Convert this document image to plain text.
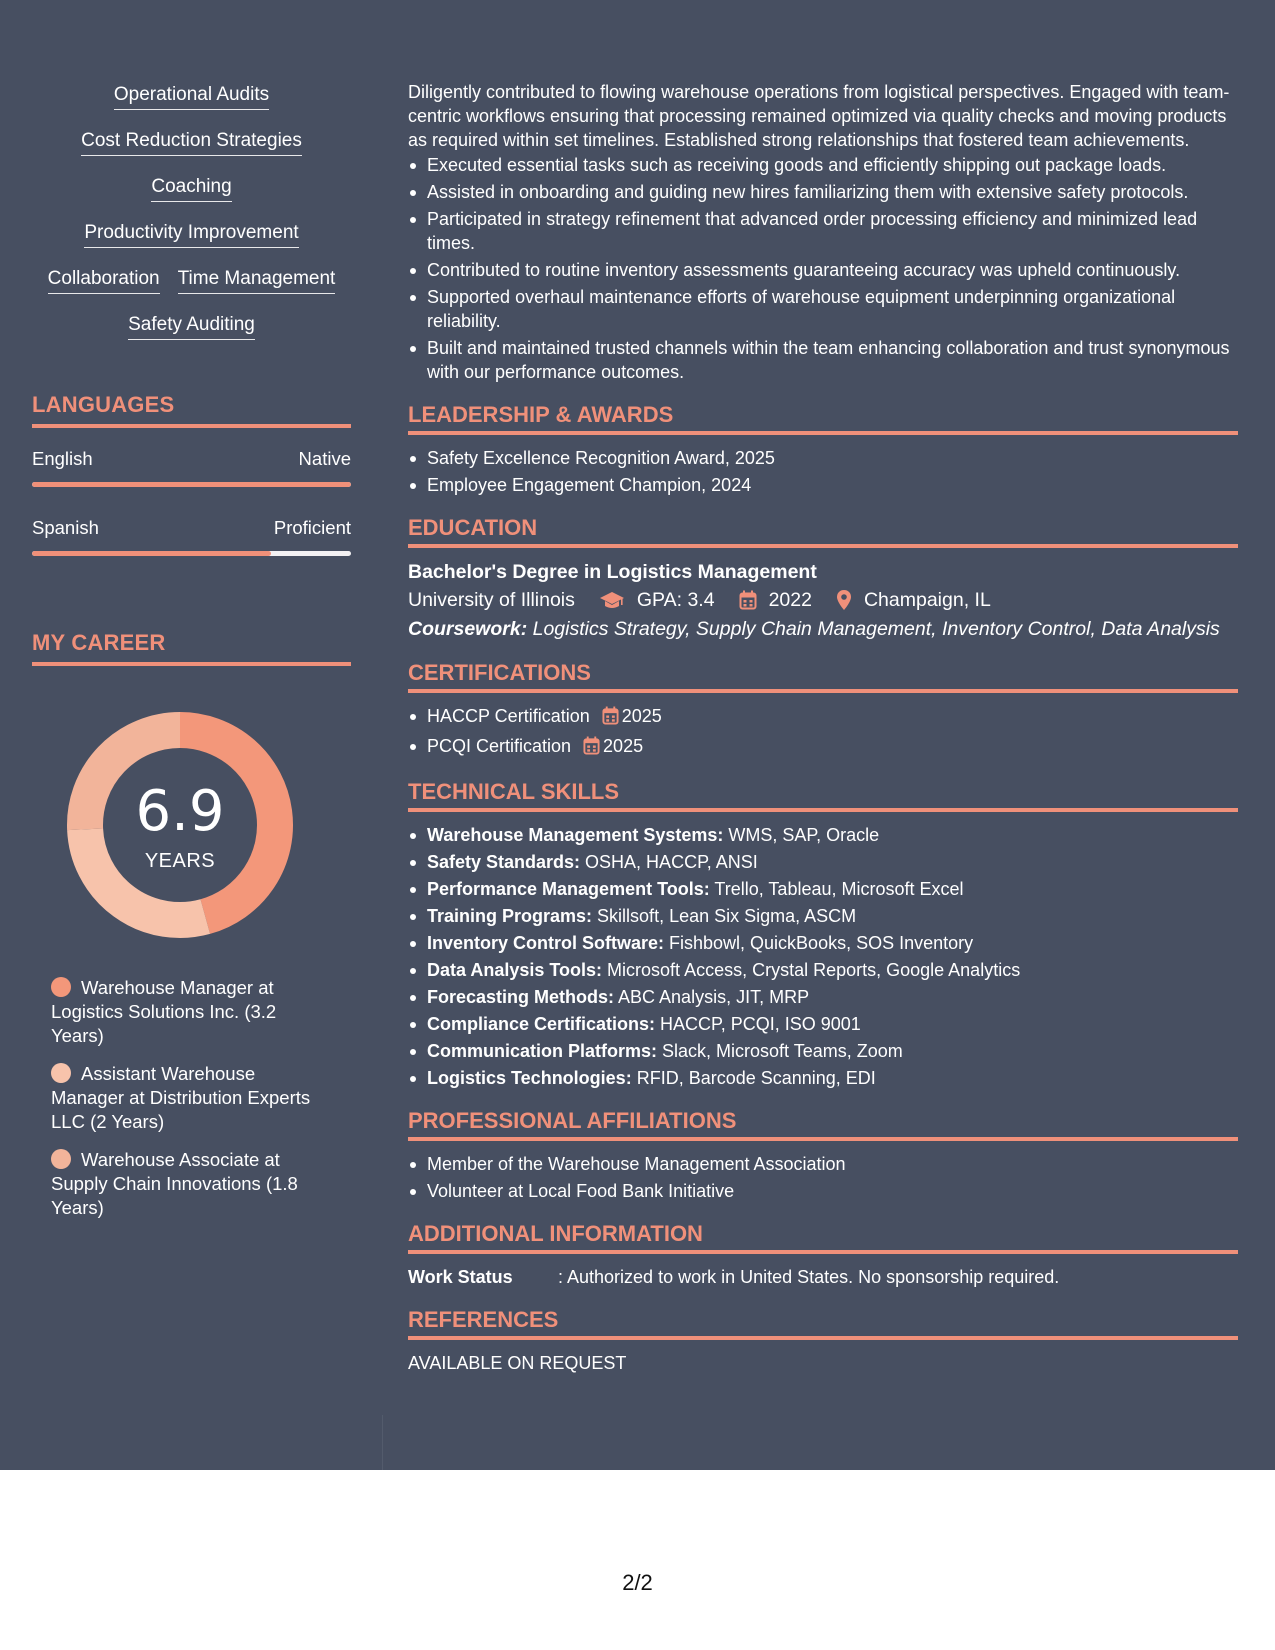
Operational Audits
Cost Reduction Strategies
Coaching
Productivity Improvement
Collaboration Time Management
Safety Auditing
LANGUAGES
English	Native
Spanish	Proficient
MY CAREER
6.9
YEARS
Warehouse Manager at Logistics Solutions Inc. (3.2 Years)
Assistant Warehouse Manager at Distribution Experts LLC (2 Years)
Warehouse Associate at Supply Chain Innovations (1.8 Years)
Diligently contributed to flowing warehouse operations from logistical perspectives. Engaged with team-centric workflows ensuring that processing remained optimized via quality checks and moving products as required within set timelines. Established strong relationships that fostered team achievements.
Executed essential tasks such as receiving goods and efficiently shipping out package loads.
Assisted in onboarding and guiding new hires familiarizing them with extensive safety protocols.
Participated in strategy refinement that advanced order processing efficiency and minimized lead times.
Contributed to routine inventory assessments guaranteeing accuracy was upheld continuously.
Supported overhaul maintenance efforts of warehouse equipment underpinning organizational reliability.
Built and maintained trusted channels within the team enhancing collaboration and trust synonymous with our performance outcomes.
LEADERSHIP & AWARDS
Safety Excellence Recognition Award, 2025
Employee Engagement Champion, 2024
EDUCATION
Bachelor's Degree in Logistics Management
University of Illinois	GPA: 3.4	2022	Champaign, IL
Coursework: Logistics Strategy, Supply Chain Management, Inventory Control, Data Analysis
CERTIFICATIONS
HACCP Certification 2025
PCQI Certification 2025
TECHNICAL SKILLS
Warehouse Management Systems: WMS, SAP, Oracle
Safety Standards: OSHA, HACCP, ANSI
Performance Management Tools: Trello, Tableau, Microsoft Excel
Training Programs: Skillsoft, Lean Six Sigma, ASCM
Inventory Control Software: Fishbowl, QuickBooks, SOS Inventory
Data Analysis Tools: Microsoft Access, Crystal Reports, Google Analytics
Forecasting Methods: ABC Analysis, JIT, MRP
Compliance Certifications: HACCP, PCQI, ISO 9001
Communication Platforms: Slack, Microsoft Teams, Zoom
Logistics Technologies: RFID, Barcode Scanning, EDI
PROFESSIONAL AFFILIATIONS
Member of the Warehouse Management Association
Volunteer at Local Food Bank Initiative
ADDITIONAL INFORMATION
Work Status	: Authorized to work in United States. No sponsorship required.
REFERENCES
AVAILABLE ON REQUEST
2/2
